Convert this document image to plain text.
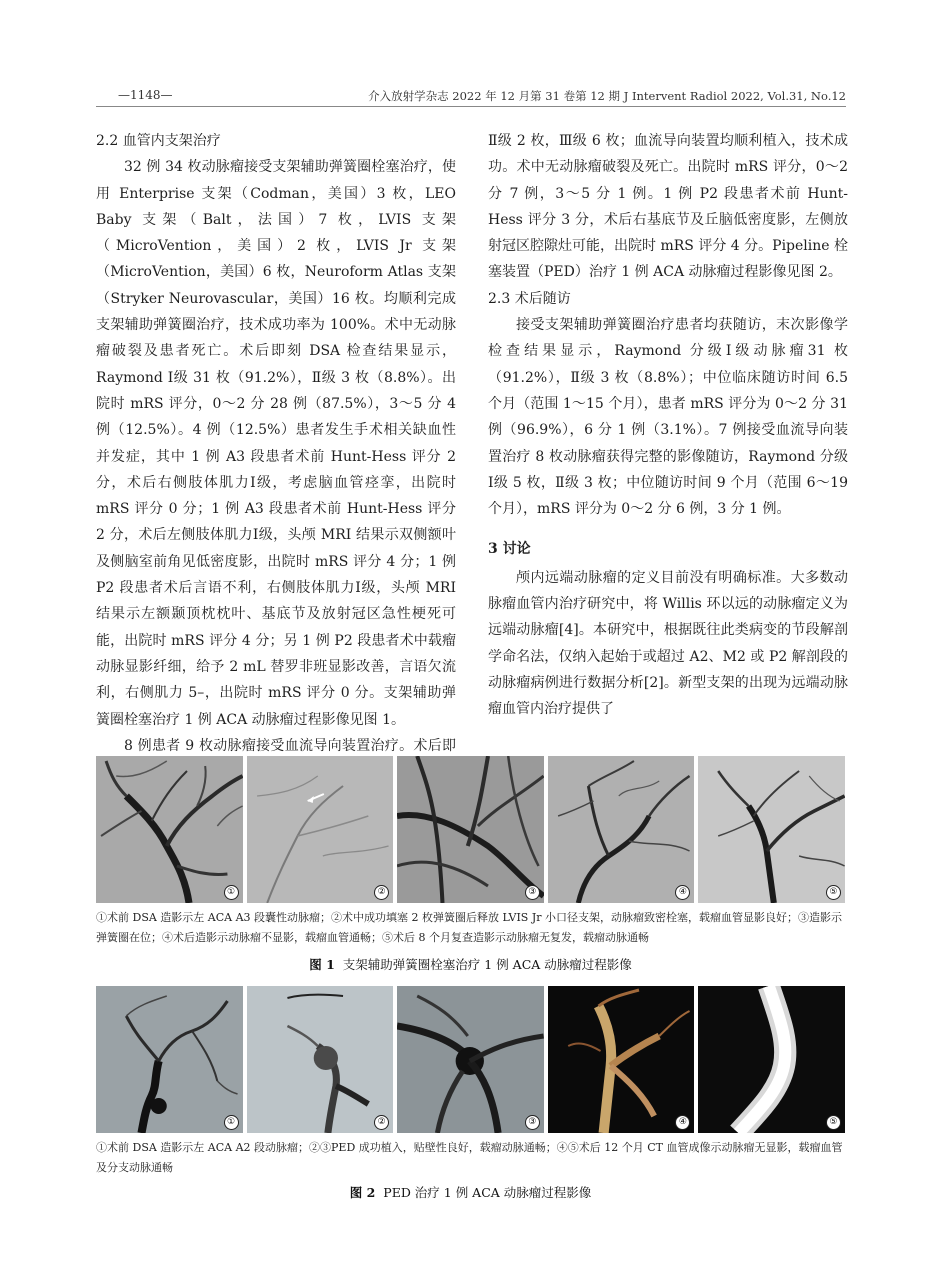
—1148—	介入放射学杂志 2022 年 12 月第 31 卷第 12 期 J Intervent Radiol 2022, Vol.31, No.12
2.2 血管内支架治疗

32 例 34 枚动脉瘤接受支架辅助弹簧圈栓塞治疗，使用 Enterprise 支架（Codman，美国）3 枚，LEO Baby 支架（Balt，法国）7 枚，LVIS 支架（MicroVention，美国）2 枚，LVIS Jr 支架（MicroVention，美国）6 枚，Neuroform Atlas 支架（Stryker Neurovascular，美国）16 枚。均顺利完成支架辅助弹簧圈治疗，技术成功率为 100%。术中无动脉瘤破裂及患者死亡。术后即刻 DSA 检查结果显示，Raymond Ⅰ级 31 枚（91.2%），Ⅱ级 3 枚（8.8%）。出院时 mRS 评分，0～2 分 28 例（87.5%），3～5 分 4 例（12.5%）。4 例（12.5%）患者发生手术相关缺血性并发症，其中 1 例 A3 段患者术前 Hunt-Hess 评分 2 分，术后右侧肢体肌力Ⅰ级，考虑脑血管痉挛，出院时 mRS 评分 0 分；1 例 A3 段患者术前 Hunt-Hess 评分 2 分，术后左侧肢体肌力Ⅰ级，头颅 MRI 结果示双侧额叶及侧脑室前角见低密度影，出院时 mRS 评分 4 分；1 例 P2 段患者术后言语不利，右侧肢体肌力Ⅰ级，头颅 MRI 结果示左额颞顶枕枕叶、基底节及放射冠区急性梗死可能，出院时 mRS 评分 4 分；另 1 例 P2 段患者术中载瘤动脉显影纤细，给予 2 mL 替罗非班显影改善，言语欠流利，右侧肌力 5–，出院时 mRS 评分 0 分。支架辅助弹簧圈栓塞治疗 1 例 ACA 动脉瘤过程影像见图 1。

8 例患者 9 枚动脉瘤接受血流导向装置治疗。术后即

Ⅱ级 2 枚，Ⅲ级 6 枚；血流导向装置均顺利植入，技术成功。术中无动脉瘤破裂及死亡。出院时 mRS 评分，0～2 分 7 例，3～5 分 1 例。1 例 P2 段患者术前 Hunt-Hess 评分 3 分，术后右基底节及丘脑低密度影，左侧放射冠区腔隙灶可能，出院时 mRS 评分 4 分。Pipeline 栓塞装置（PED）治疗 1 例 ACA 动脉瘤过程影像见图 2。

2.3 术后随访

接受支架辅助弹簧圈治疗患者均获随访，末次影像学检查结果显示，Raymond 分级Ⅰ级动脉瘤31 枚（91.2%），Ⅱ级 3 枚（8.8%）；中位临床随访时间 6.5 个月（范围 1～15 个月），患者 mRS 评分为 0～2 分 31 例（96.9%），6 分 1 例（3.1%）。7 例接受血流导向装置治疗 8 枚动脉瘤获得完整的影像随访，Raymond 分级Ⅰ级 5 枚，Ⅱ级 3 枚；中位随访时间 9 个月（范围 6～19 个月），mRS 评分为 0～2 分 6 例，3 分 1 例。

3 讨论

颅内远端动脉瘤的定义目前没有明确标准。大多数动脉瘤血管内治疗研究中，将 Willis 环以远的动脉瘤定义为远端动脉瘤[4]。本研究中，根据既往此类病变的节段解剖学命名法，仅纳入起始于或超过 A2、M2 或 P2 解剖段的动脉瘤病例进行数据分析[2]。新型支架的出现为远端动脉瘤血管内治疗提供了

①	②	③	④	⑤
①术前 DSA 造影示左 ACA A3 段囊性动脉瘤；②术中成功填塞 2 枚弹簧圈后释放 LVIS Jr 小口径支架，动脉瘤致密栓塞，载瘤血管显影良好；③造影示弹簧圈在位；④术后造影示动脉瘤不显影，载瘤血管通畅；⑤术后 8 个月复查造影示动脉瘤无复发，载瘤动脉通畅
图 1 支架辅助弹簧圈栓塞治疗 1 例 ACA 动脉瘤过程影像
①	②	③	④	⑤
①术前 DSA 造影示左 ACA A2 段动脉瘤；②③PED 成功植入，贴壁性良好，载瘤动脉通畅；④⑤术后 12 个月 CT 血管成像示动脉瘤无显影，载瘤血管及分支动脉通畅
图 2 PED 治疗 1 例 ACA 动脉瘤过程影像
